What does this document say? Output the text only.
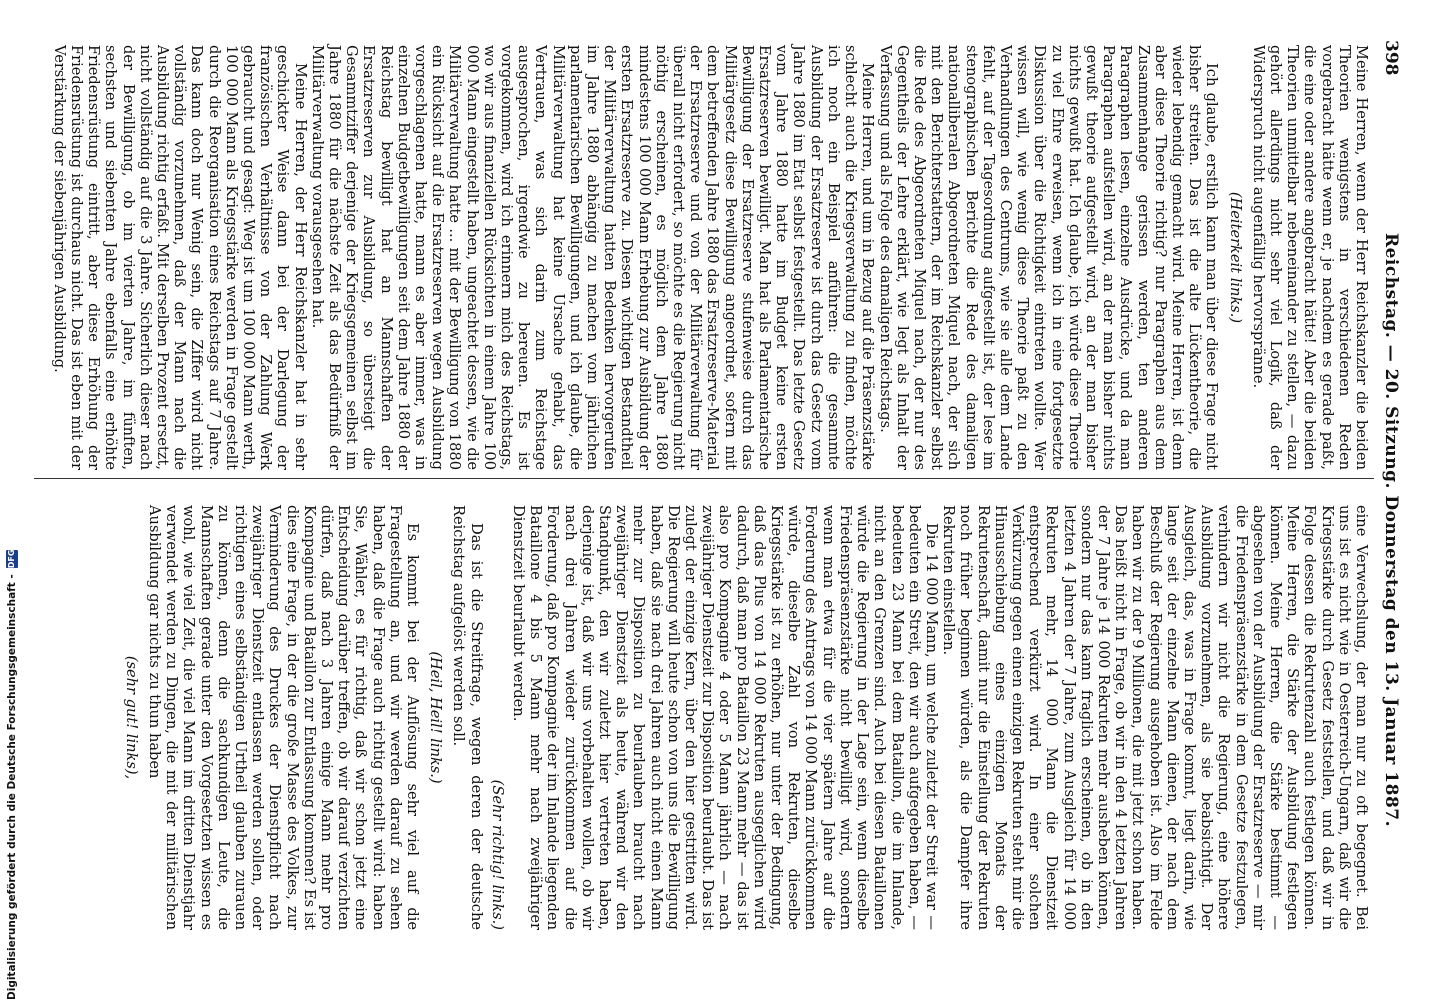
398
Reichstag. — 20. Sitzung. Donnerstag den 13. Januar 1887.

Meine Herren, wenn der Herr Reichskanzler die beiden Theorien wenigstens in verschiedenen Reden vorgebracht hätte wenn er, je nachdem es gerade paßt, die eine oder andere angebracht hätte! Aber die beiden Theorien unmittelbar nebeneinander zu stellen, — dazu gehört allerdings nicht sehr viel Logik, daß der Widerspruch nicht augenfällig hervorspränne.

(Heiterkeit links.)

Ich glaube, erstlich kann man über diese Frage nicht bisher streiten. Das ist die alte Lückentheorie, die wieder lebendig gemacht wird. Meine Herren, ist denn aber diese Theorie richtig? nur Paragraphen aus dem Zusammenhange gerissen werden, ten anderen Paragraphen lesen, einzelne Ausdrücke, und da man Paragraphen aufstellen wird, an der man bisher nichts gewußt theorie aufgestellt wird, an der man bisher nichts gewußt hat. Ich glaube, ich würde diese Theorie zu viel Ehre erweisen, wenn ich in eine fortgesetzte Diskussion über die Richtigkeit eintreten wollte. Wer wissen will, wie wenig diese Theorie paßt zu den Verhandlungen des Centrums, wie sie alle dem Lande fehlt, auf der Tagesordnung aufgestellt ist, der lese im stenographischen Berichte die Rede des damaligen nationalliberalen Abgeordneten Miquel nach, der sich mit den Berichterstattern, der im Reichskanzler selbst die Rede des Abgeordneten Miquel nach, der nur des Gegentheils der Lehre erklärt, wie legt als Inhalt der Verfassung und als Folge des damaligen Reichstags.

Meine Herren, und um in Bezug auf die Präsenzstärke schlecht auch die Kriegsverwaltung zu finden, möchte ich noch ein Beispiel anführen: die gesammte Ausbildung der Ersatzreserve ist durch das Gesetz vom Jahre 1880 im Etat selbst festgestellt. Das letzte Gesetz vom Jahre 1880 hatte im Budget keine ersten Ersatzreserven bewilligt. Man hat als Parlamentarische Bewilligung der Ersatzreserve stufenweise durch das Militärgesetz diese Bewilligung angeordnet, sofern mit dem betreffenden Jahre 1880 das Ersatzreserve-Material der Ersatzreserve und von der Militärverwaltung für überall nicht erfordert, so möchte es die Regierung nicht nöthig erscheinen, es möglich dem Jahre 1880 mindestens 100 000 Mann Erhebung zur Ausbildung der ersten Ersatzreserve zu. Diesen wichtigen Bestandtheil der Militärverwaltung hatten Bedenken hervorgerufen im Jahre 1880 abhängig zu machen vom jährlichen parlamentarischen Bewilligungen, und ich glaube, die Militärverwaltung hat keine Ursache gehabt, das Vertrauen, was sich darin zum Reichstage ausgesprochen, irgendwie zu bereuen. Es ist vorgekommen, wird ich erinnern mich des Reichstags, wo wir aus finanziellen Rücksichten in einem Jahre 100 000 Mann eingestellt haben, ungeachtet dessen, wie die Militärverwaltung hatte ... mit der Bewilligung von 1880 ein Rücksicht auf die Ersatzreserven wegen Ausbildung vorgeschlagenen hatte, mann es aber immer, was in einzelnen Budgetbewilligungen seit dem Jahre 1880 der Reichstag bewilligt hat an Mannschaften der Ersatzreserven zur Ausbildung, so übersteigt die Gesammtziffer derjenige der Kriegsgemeinen selbst im Jahre 1880 für die nächste Zeit als das Bedürfniß der Militärverwaltung vorausgesehen hat.

Meine Herren, der Herr Reichskanzler hat in sehr geschickter Weise dann bei der Darlegung der französischen Verhältnisse von der Zahlung Werk gebraucht und gesagt: Weg ist um 100 000 Mann werth, 100 000 Mann als Kriegsstärke werden in Frage gestellt durch die Reorganisation eines Reichstags auf 7 Jahre. Das kann doch nur Wenig sein, die Ziffer wird nicht vollständig vorzunehmen, daß der Mann nach die Ausbildung richtig erfaßt. Mit derselben Prozent ersetzt, nicht vollständig auf die 3 Jahre. Sicherlich dieser nach der Bewilligung, ob im vierten Jahre, im fünften, sechsten und siebenten Jahre ebenfalls eine erhöhte Friedensrüstung eintritt, aber diese Erhöhung der Friedensrüstung ist durchaus nicht. Das ist eben mit der Verstärkung der siebenjährigen Ausbildung.

eine Verwechslung, der man nur zu oft begegnet. Bei uns ist es nicht wie in Oesterreich-Ungarn, daß wir die Kriegsstärke durch Gesetz feststellen, und daß wir in Folge dessen die Rekrutenzahl auch festlegen können. Meine Herren, die Stärke der Ausbildung festlegen können. Meine Herren, die Stärke bestimmt — abgesehen von der Ausbildung der Ersatzreserve — mir die Friedenspräsenzstärke in dem Gesetze festzulegen, verhindern wir nicht die Regierung, eine höhere Ausbildung vorzunehmen, als sie beabsichtigt. Der Ausgleich, das, was in Frage kommt, liegt darin, wie lange seit der einzelne Mann dienen, der nach dem Beschluß der Regierung ausgehoben ist. Also im Felde haben wir zu der 9 Millionen, die mit jetzt schon haben. Das heißt nicht in Frage, ob wir in den 4 letzten Jahren der 7 Jahre je 14 000 Rekruten mehr ausheben können, sondern nur das kann fraglich erscheinen, ob in den letzten 4 Jahren der 7 Jahre, zum Ausgleich für 14 000 Rekruten mehr, 14 000 Mann die Dienstzeit entsprechend verkürzt wird. In einer solchen Verkürzung gegen einen einzigen Rekruten steht mir die Hinausschiebung eines einzigen Monats der Rekrutenschaft, damit nur die Einstellung der Rekruten noch früher beginnen würden, als die Dampfer ihre Rekruten einstellen.

Die 14 000 Mann, um welche zuletzt der Streit war — bedeuten ein Streit, den wir auch aufgegeben haben, — bedeuten 23 Mann bei dem Bataillon, die im Inlande, nicht an den Grenzen sind. Auch bei diesen Bataillonen würde die Regierung in der Lage sein, wenn dieselbe Friedenspräsenzstärke nicht bewilligt wird, sondern wenn man etwa für die vier spätern Jahre auf die Forderung des Antrags von 14 000 Mann zurückkommen würde, dieselbe Zahl von Rekruten, dieselbe Kriegsstärke ist zu erhöhen, nur unter der Bedingung, daß das Plus von 14 000 Rekruten ausgeglichen wird dadurch, daß man pro Bataillon 23 Mann mehr — das ist also pro Kompagnie 4 oder 5 Mann jährlich — nach zweijähriger Dienstzeit zur Disposition beurlaubt. Das ist zulegt der einzige Kern, über den hier gestritten wird. Die Regierung will heute schon von uns die Bewilligung haben, daß sie nach drei Jahren auch nicht einen Mann mehr zur Disposition zu beurlauben braucht nach zweijähriger Dienstzeit als heute, während wir den Standpunkt, den wir zuletzt hier vertreten haben, derjenige ist, daß wir uns vorbehalten wollen, ob wir nach drei Jahren wieder zurückkommen auf die Forderung, daß pro Kompagnie der im Inlande liegenden Bataillone 4 bis 5 Mann mehr nach zweijähriger Dienstzeit beurlaubt werden.

(Sehr richtig! links.)

Das ist die Streitfrage, wegen deren der deutsche Reichstag aufgelöst werden soll.

(Heil, Heil! links.)

Es kommt bei der Auflösung sehr viel auf die Fragestellung an, und wir werden darauf zu sehen haben, daß die Frage auch richtig gestellt wird: haben Sie, Wähler, es für richtig, daß wir schon jetzt eine Entscheidung darüber treffen, ob wir darauf verzichten dürfen, daß nach 3 Jahren einige Mann mehr pro Kompagnie und Bataillon zur Entlassung kommen? Es ist dies eine Frage, in der die große Masse des Volkes, zur Verminderung des Druckes der Dienstpflicht nach zweijähriger Dienstzeit entlassen werden sollen, oder richtigen eines selbständigen Urtheil glauben zurauen zu können, denn die sachkundigen Leute, die Mannschaften gerade unter den Vorgesetzten wissen es wohl, wie viel Zeit, die viel Mann im dritten Dienstjahr verwendet werden zu Dingen, die mit der militärischen Ausbildung gar nichts zu thun haben

(sehr gut! links),

Digitalisierung gefördert durch die Deutsche Forschungsgemeinschaft -
DFG
